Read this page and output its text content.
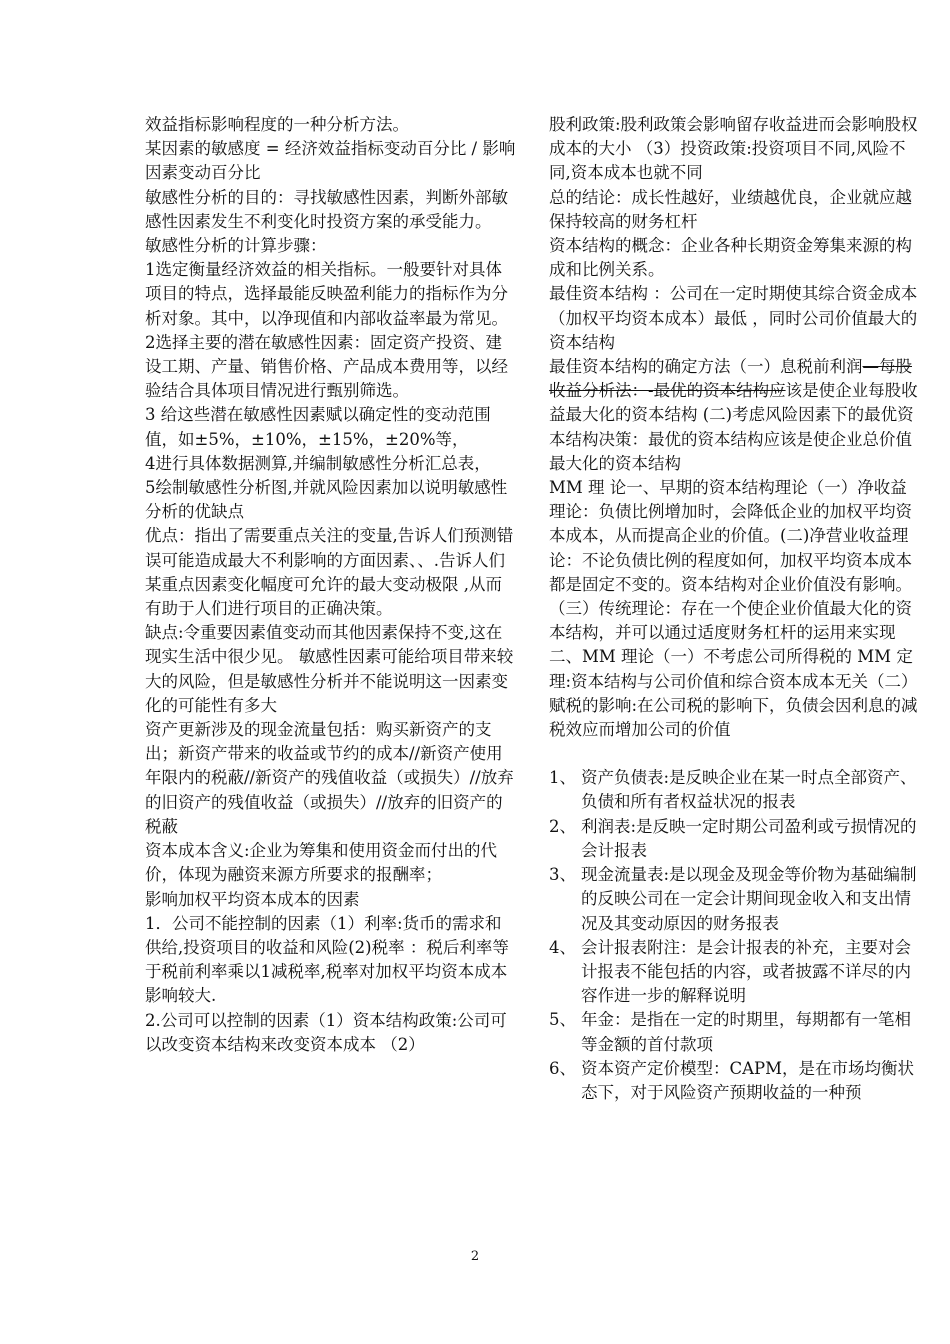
效益指标影响程度的一种分析方法。

某因素的敏感度 = 经济效益指标变动百分比 / 影响因素变动百分比

敏感性分析的目的：寻找敏感性因素，判断外部敏感性因素发生不利变化时投资方案的承受能力。

敏感性分析的计算步骤：

1选定衡量经济效益的相关指标。一般要针对具体项目的特点，选择最能反映盈利能力的指标作为分析对象。其中，以净现值和内部收益率最为常见。2选择主要的潜在敏感性因素：固定资产投资、建设工期、产量、销售价格、产品成本费用等，以经验结合具体项目情况进行甄别筛选。

3 给这些潜在敏感性因素赋以确定性的变动范围值，如±5%，±10%，±15%，±20%等，

4进行具体数据测算,并编制敏感性分析汇总表，

5绘制敏感性分析图,并就风险因素加以说明敏感性分析的优缺点

优点：指出了需要重点关注的变量,告诉人们预测错误可能造成最大不利影响的方面因素、、.告诉人们某重点因素变化幅度可允许的最大变动极限 ,从而有助于人们进行项目的正确决策。

缺点:令重要因素值变动而其他因素保持不变,这在现实生活中很少见。 敏感性因素可能给项目带来较大的风险，但是敏感性分析并不能说明这一因素变化的可能性有多大

资产更新涉及的现金流量包括：购买新资产的支出；新资产带来的收益或节约的成本//新资产使用年限内的税蔽//新资产的残值收益（或损失）//放弃的旧资产的残值收益（或损失）//放弃的旧资产的税蔽

资本成本含义:企业为筹集和使用资金而付出的代价，体现为融资来源方所要求的报酬率；

影响加权平均资本成本的因素

1．公司不能控制的因素（1）利率:货币的需求和供给,投资项目的收益和风险(2)税率 ：税后利率等于税前利率乘以1减税率,税率对加权平均资本成本影响较大.

2.公司可以控制的因素（1）资本结构政策:公司可以改变资本结构来改变资本成本 （2）

股利政策:股利政策会影响留存收益进而会影响股权成本的大小 （3）投资政策:投资项目不同,风险不同,资本成本也就不同

总的结论：成长性越好，业绩越优良，企业就应越保持较高的财务杠杆

资本结构的概念：企业各种长期资金筹集来源的构成和比例关系。

最佳资本结构 ：公司在一定时期使其综合资金成本（加权平均资本成本）最低 ，同时公司价值最大的资本结构

最佳资本结构的确定方法（一）息税前利润—每股收益分析法：-最优的资本结构应该是使企业每股收益最大化的资本结构 (二)考虑风险因素下的最优资本结构决策：最优的资本结构应该是使企业总价值最大化的资本结构

MM 理 论一、早期的资本结构理论（一）净收益理论：负债比例增加时，会降低企业的加权平均资本成本，从而提高企业的价值。(二)净营业收益理论：不论负债比例的程度如何，加权平均资本成本都是固定不变的。资本结构对企业价值没有影响。（三）传统理论：存在一个使企业价值最大化的资本结构，并可以通过适度财务杠杆的运用来实现

二、MM 理论（一）不考虑公司所得税的 MM 定理:资本结构与公司价值和综合资本成本无关（二）赋税的影响:在公司税的影响下，负债会因利息的减税效应而增加公司的价值

1、 资产负债表:是反映企业在某一时点全部资产、负债和所有者权益状况的报表
2、 利润表:是反映一定时期公司盈利或亏损情况的会计报表
3、 现金流量表:是以现金及现金等价物为基础编制的反映公司在一定会计期间现金收入和支出情况及其变动原因的财务报表
4、 会计报表附注：是会计报表的补充，主要对会计报表不能包括的内容，或者披露不详尽的内容作进一步的解释说明
5、 年金：是指在一定的时期里，每期都有一笔相等金额的首付款项
6、 资本资产定价模型：CAPM，是在市场均衡状态下，对于风险资产预期收益的一种预
2
